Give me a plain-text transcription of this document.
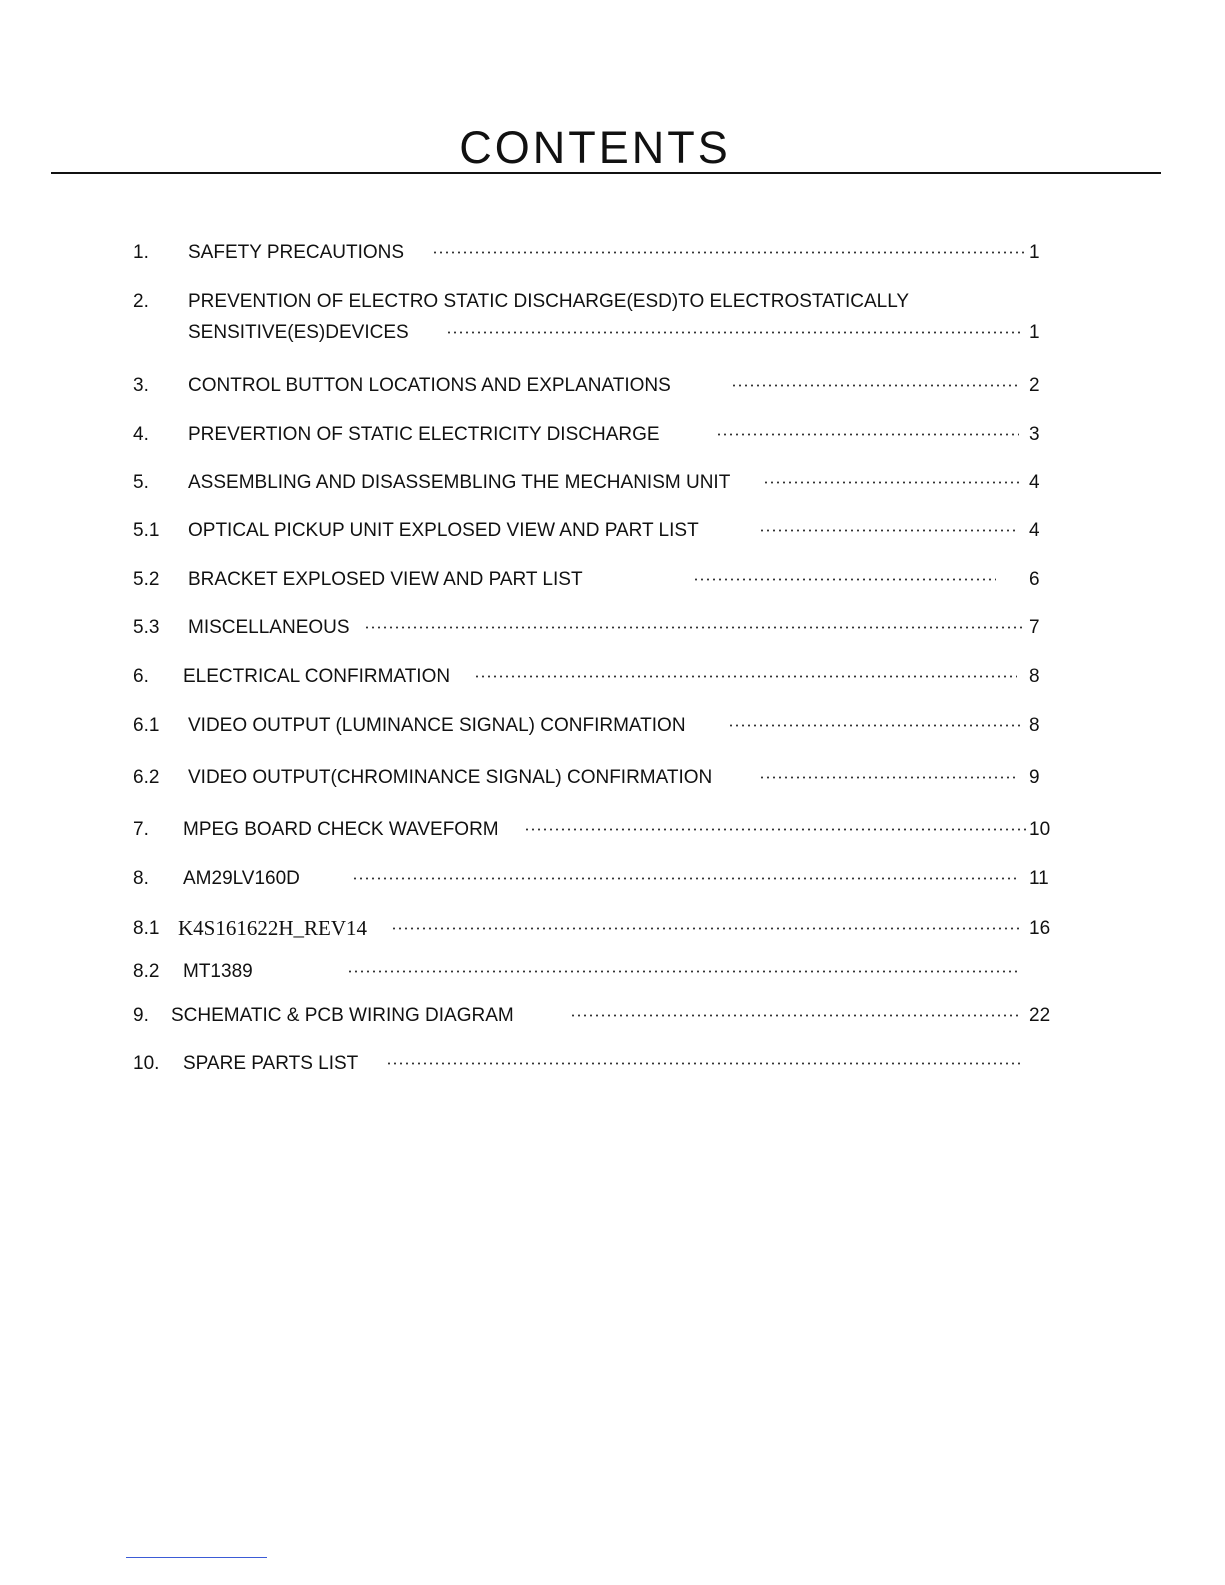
CONTENTS
1. SAFETY PRECAUTIONS	1
2. PREVENTION OF ELECTRO STATIC DISCHARGE(ESD)TO ELECTROSTATICALLY
SENSITIVE(ES)DEVICES	1
3. CONTROL BUTTON LOCATIONS AND EXPLANATIONS	2
4. PREVERTION OF STATIC ELECTRICITY DISCHARGE	3
5. ASSEMBLING AND DISASSEMBLING THE MECHANISM UNIT	4
5.1 OPTICAL PICKUP UNIT EXPLOSED VIEW AND PART LIST	4
5.2 BRACKET EXPLOSED VIEW AND PART LIST	6
5.3 MISCELLANEOUS	7
6. ELECTRICAL CONFIRMATION	8
6.1 VIDEO OUTPUT (LUMINANCE SIGNAL) CONFIRMATION	8
6.2 VIDEO OUTPUT(CHROMINANCE SIGNAL) CONFIRMATION	9
7. MPEG BOARD CHECK WAVEFORM	10
8. AM29LV160D	11
8.1 K4S161622H_REV14	16
8.2 MT1389
9. SCHEMATIC & PCB WIRING DIAGRAM	22
10. SPARE PARTS LIST
